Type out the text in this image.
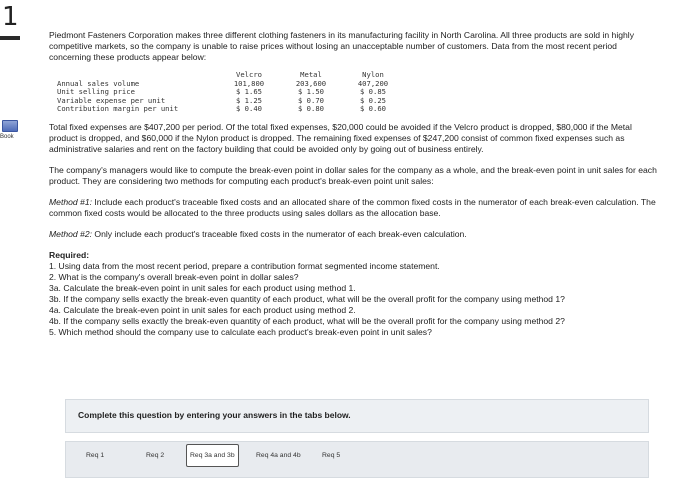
1
Book

Piedmont Fasteners Corporation makes three different clothing fasteners in its manufacturing facility in North Carolina. All three products are sold in highly competitive markets, so the company is unable to raise prices without losing an unacceptable number of customers. Data from the most recent period concerning these products appear below:

	Velcro	Metal	Nylon
Annual sales volume	101,800	203,600	407,200
Unit selling price	$ 1.65	$ 1.50	$ 0.85
Variable expense per unit	$ 1.25	$ 0.70	$ 0.25
Contribution margin per unit	$ 0.40	$ 0.80	$ 0.60

Total fixed expenses are $407,200 per period. Of the total fixed expenses, $20,000 could be avoided if the Velcro product is dropped, $80,000 if the Metal product is dropped, and $60,000 if the Nylon product is dropped. The remaining fixed expenses of $247,200 consist of common fixed expenses such as administrative salaries and rent on the factory building that could be avoided only by going out of business entirely.

The company's managers would like to compute the break-even point in dollar sales for the company as a whole, and the break-even point in unit sales for each product. They are considering two methods for computing each product's break-even point unit sales:

Method #1: Include each product's traceable fixed costs and an allocated share of the common fixed costs in the numerator of each break-even calculation. The common fixed costs would be allocated to the three products using sales dollars as the allocation base.

Method #2: Only include each product's traceable fixed costs in the numerator of each break-even calculation.

Required:
1. Using data from the most recent period, prepare a contribution format segmented income statement.
2. What is the company's overall break-even point in dollar sales?
3a. Calculate the break-even point in unit sales for each product using method 1.
3b. If the company sells exactly the break-even quantity of each product, what will be the overall profit for the company using method 1?
4a. Calculate the break-even point in unit sales for each product using method 2.
4b. If the company sells exactly the break-even quantity of each product, what will be the overall profit for the company using method 2?
5. Which method should the company use to calculate each product's break-even point in unit sales?
Complete this question by entering your answers in the tabs below.
Req 1	Req 2	Req 3a and 3b	Req 4a and 4b	Req 5
